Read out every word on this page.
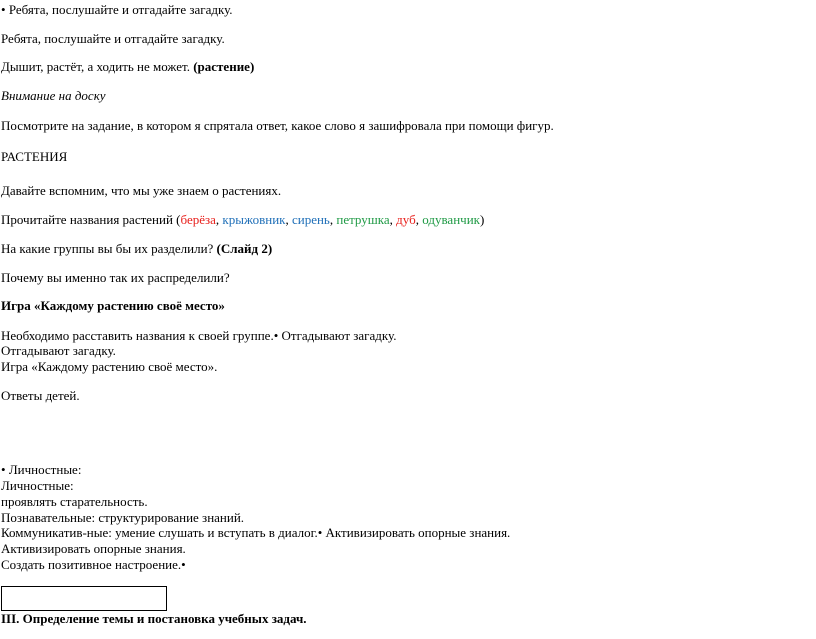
• Ребята, послушайте и отгадайте загадку.
Ребята, послушайте и отгадайте загадку.
Дышит, растёт, а ходить не может. (растение)
Внимание на доску
Посмотрите на задание, в котором я спрятала ответ, какое слово я зашифровала при помощи фигур.
РАСТЕНИЯ
Давайте вспомним, что мы уже знаем о растениях.
Прочитайте названия растений (берёза, крыжовник, сирень, петрушка, дуб, одуванчик)
На какие группы вы бы их разделили? (Слайд 2)
Почему вы именно так их распределили?
Игра «Каждому растению своё место»
Необходимо расставить названия к своей группе.• Отгадывают загадку.
Отгадывают загадку.
Игра «Каждому растению своё место».
Ответы детей.
• Личностные:
Личностные:
проявлять старательность.
Познавательные: структурирование знаний.
Коммуникатив-ные: умение слушать и вступать в диалог.• Активизировать опорные знания.
Активизировать опорные знания.
Создать позитивное настроение.•
III. Определение темы и постановка учебных задач.
